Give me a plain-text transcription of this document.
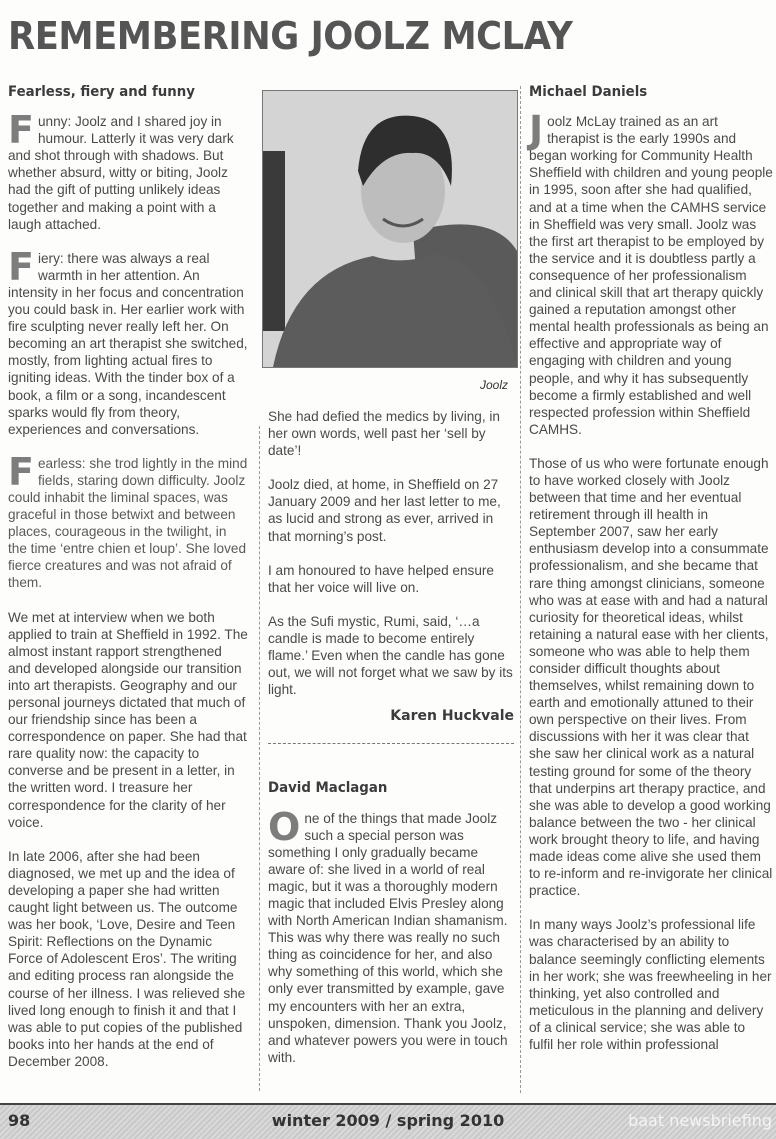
REMEMBERING JOOLZ MCLAY
Fearless, fiery and funny

Funny: Joolz and I shared joy in humour. Latterly it was very dark and shot through with shadows. But whether absurd, witty or biting, Joolz had the gift of putting unlikely ideas together and making a point with a laugh attached.

Fiery: there was always a real warmth in her attention. An intensity in her focus and concentration you could bask in. Her earlier work with fire sculpting never really left her. On becoming an art therapist she switched, mostly, from lighting actual fires to igniting ideas. With the tinder box of a book, a film or a song, incandescent sparks would fly from theory, experiences and conversations.

Fearless: she trod lightly in the mind fields, staring down difficulty. Joolz could inhabit the liminal spaces, was graceful in those betwixt and between places, courageous in the twilight, in the time ‘entre chien et loup’. She loved fierce creatures and was not afraid of them.

We met at interview when we both applied to train at Sheffield in 1992. The almost instant rapport strengthened and developed alongside our transition into art therapists. Geography and our personal journeys dictated that much of our friendship since has been a correspondence on paper. She had that rare quality now: the capacity to converse and be present in a letter, in the written word. I treasure her correspondence for the clarity of her voice.

In late 2006, after she had been diagnosed, we met up and the idea of developing a paper she had written caught light between us. The outcome was her book, ‘Love, Desire and Teen Spirit: Reflections on the Dynamic Force of Adolescent Eros’. The writing and editing process ran alongside the course of her illness. I was relieved she lived long enough to finish it and that I was able to put copies of the published books into her hands at the end of December 2008.

Joolz

She had defied the medics by living, in her own words, well past her ‘sell by date’!

Joolz died, at home, in Sheffield on 27 January 2009 and her last letter to me, as lucid and strong as ever, arrived in that morning’s post.

I am honoured to have helped ensure that her voice will live on.

As the Sufi mystic, Rumi, said, ‘…a candle is made to become entirely flame.’ Even when the candle has gone out, we will not forget what we saw by its light.

Karen Huckvale
David Maclagan

One of the things that made Joolz such a special person was something I only gradually became aware of: she lived in a world of real magic, but it was a thoroughly modern magic that included Elvis Presley along with North American Indian shamanism. This was why there was really no such thing as coincidence for her, and also why something of this world, which she only ever transmitted by example, gave my encounters with her an extra, unspoken, dimension. Thank you Joolz, and whatever powers you were in touch with.

Michael Daniels

Joolz McLay trained as an art therapist is the early 1990s and began working for Community Health Sheffield with children and young people in 1995, soon after she had qualified, and at a time when the CAMHS service in Sheffield was very small. Joolz was the first art therapist to be employed by the service and it is doubtless partly a consequence of her professionalism and clinical skill that art therapy quickly gained a reputation amongst other mental health professionals as being an effective and appropriate way of engaging with children and young people, and why it has subsequently become a firmly established and well respected profession within Sheffield CAMHS.

Those of us who were fortunate enough to have worked closely with Joolz between that time and her eventual retirement through ill health in September 2007, saw her early enthusiasm develop into a consummate professionalism, and she became that rare thing amongst clinicians, someone who was at ease with and had a natural curiosity for theoretical ideas, whilst retaining a natural ease with her clients, someone who was able to help them consider difficult thoughts about themselves, whilst remaining down to earth and emotionally attuned to their own perspective on their lives. From discussions with her it was clear that she saw her clinical work as a natural testing ground for some of the theory that underpins art therapy practice, and she was able to develop a good working balance between the two - her clinical work brought theory to life, and having made ideas come alive she used them to re-inform and re-invigorate her clinical practice.

In many ways Joolz’s professional life was characterised by an ability to balance seemingly conflicting elements in her work; she was freewheeling in her thinking, yet also controlled and meticulous in the planning and delivery of a clinical service; she was able to fulfil her role within professional

98	winter 2009 / spring 2010	baat newsbriefing
